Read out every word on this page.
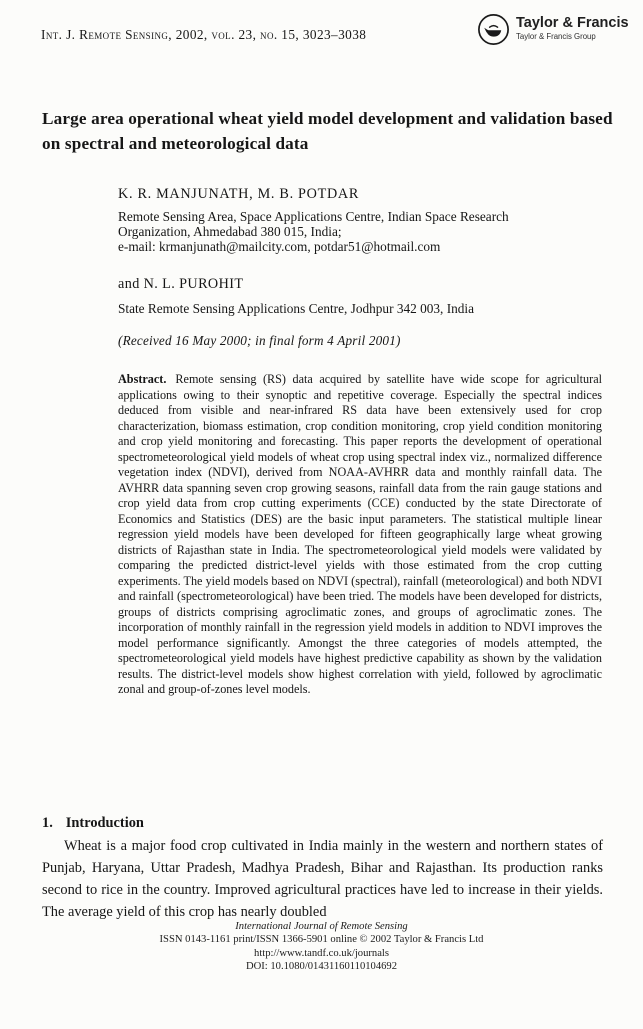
Int. J. Remote Sensing, 2002, vol. 23, no. 15, 3023–3038
Taylor & Francis
Taylor & Francis Group
Large area operational wheat yield model development and validation based on spectral and meteorological data
K. R. MANJUNATH, M. B. POTDAR
Remote Sensing Area, Space Applications Centre, Indian Space Research
Organization, Ahmedabad 380 015, India;
e-mail: krmanjunath@mailcity.com, potdar51@hotmail.com
and N. L. PUROHIT
State Remote Sensing Applications Centre, Jodhpur 342 003, India
(Received 16 May 2000; in final form 4 April 2001)

Abstract. Remote sensing (RS) data acquired by satellite have wide scope for agricultural applications owing to their synoptic and repetitive coverage. Especially the spectral indices deduced from visible and near-infrared RS data have been extensively used for crop characterization, biomass estimation, crop condition monitoring, crop yield condition monitoring and crop yield monitoring and forecasting. This paper reports the development of operational spectrometeorological yield models of wheat crop using spectral index viz., normalized difference vegetation index (NDVI), derived from NOAA-AVHRR data and monthly rainfall data. The AVHRR data spanning seven crop growing seasons, rainfall data from the rain gauge stations and crop yield data from crop cutting experiments (CCE) conducted by the state Directorate of Economics and Statistics (DES) are the basic input parameters. The statistical multiple linear regression yield models have been developed for fifteen geographically large wheat growing districts of Rajasthan state in India. The spectrometeorological yield models were validated by comparing the predicted district-level yields with those estimated from the crop cutting experiments. The yield models based on NDVI (spectral), rainfall (meteorological) and both NDVI and rainfall (spectrometeorological) have been tried. The models have been developed for districts, groups of districts comprising agroclimatic zones, and groups of agroclimatic zones. The incorporation of monthly rainfall in the regression yield models in addition to NDVI improves the model performance significantly. Amongst the three categories of models attempted, the spectrometeorological yield models have highest predictive capability as shown by the validation results. The district-level models show highest correlation with yield, followed by agroclimatic zonal and group-of-zones level models.

1. Introduction

Wheat is a major food crop cultivated in India mainly in the western and northern states of Punjab, Haryana, Uttar Pradesh, Madhya Pradesh, Bihar and Rajasthan. Its production ranks second to rice in the country. Improved agricultural practices have led to increase in their yields. The average yield of this crop has nearly doubled

International Journal of Remote Sensing
ISSN 0143-1161 print/ISSN 1366-5901 online © 2002 Taylor & Francis Ltd
http://www.tandf.co.uk/journals
DOI: 10.1080/01431160110104692
